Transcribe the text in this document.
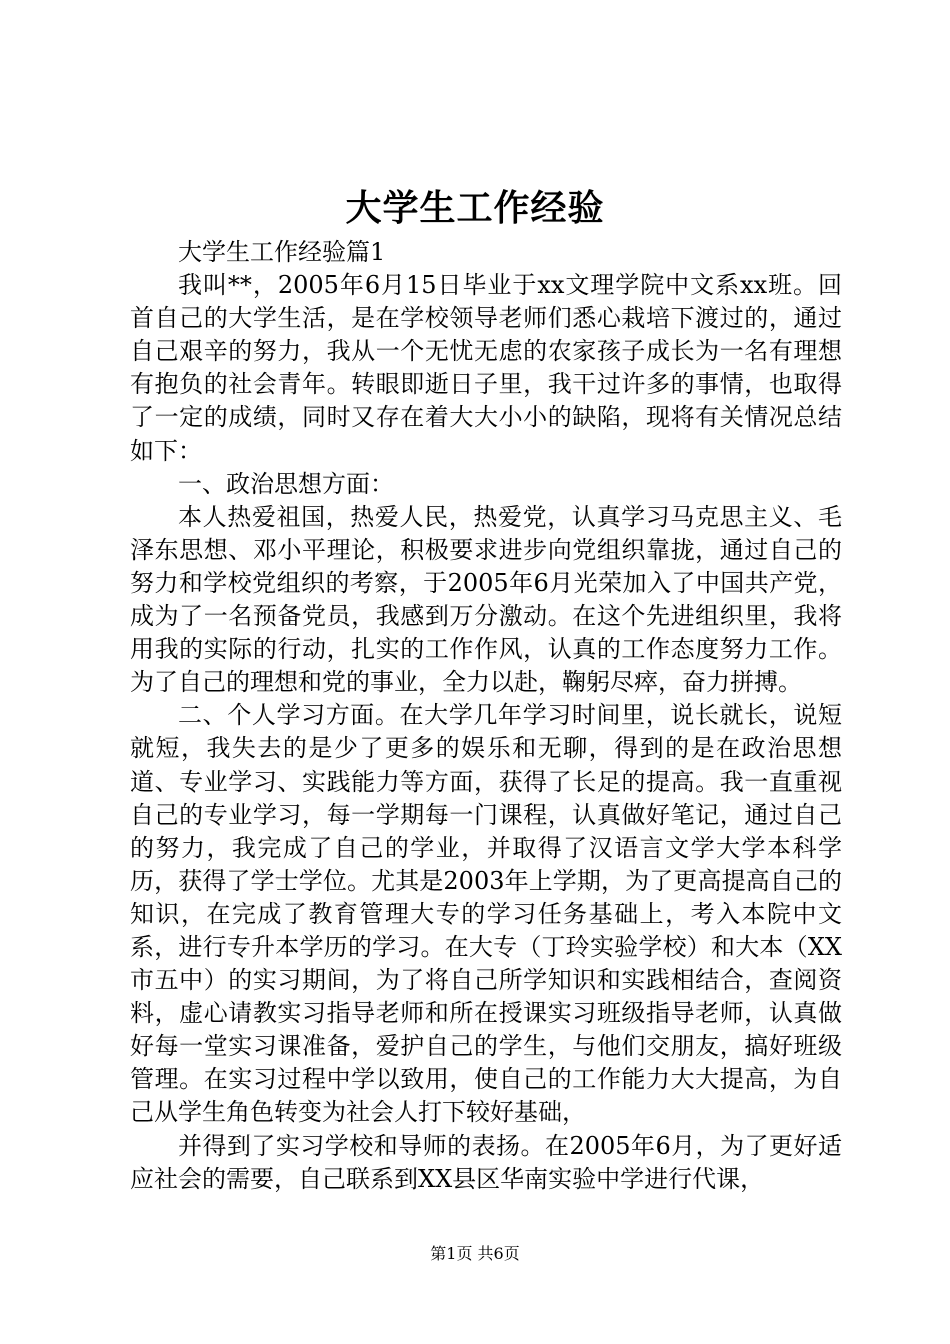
大学生工作经验

大学生工作经验篇1

我叫**，2005年6月15日毕业于xx文理学院中文系xx班。回首自己的大学生活，是在学校领导老师们悉心栽培下渡过的，通过自己艰辛的努力，我从一个无忧无虑的农家孩子成长为一名有理想有抱负的社会青年。转眼即逝日子里，我干过许多的事情，也取得了一定的成绩，同时又存在着大大小小的缺陷，现将有关情况总结如下：

一、政治思想方面：

本人热爱祖国，热爱人民，热爱党，认真学习马克思主义、毛泽东思想、邓小平理论，积极要求进步向党组织靠拢，通过自己的努力和学校党组织的考察，于2005年6月光荣加入了中国共产党，成为了一名预备党员，我感到万分激动。在这个先进组织里，我将用我的实际的行动，扎实的工作作风，认真的工作态度努力工作。为了自己的理想和党的事业，全力以赴，鞠躬尽瘁，奋力拼搏。

二、个人学习方面。在大学几年学习时间里，说长就长，说短就短，我失去的是少了更多的娱乐和无聊，得到的是在政治思想道、专业学习、实践能力等方面，获得了长足的提高。我一直重视自己的专业学习，每一学期每一门课程，认真做好笔记，通过自己的努力，我完成了自己的学业，并取得了汉语言文学大学本科学历，获得了学士学位。尤其是2003年上学期，为了更高提高自己的知识，在完成了教育管理大专的学习任务基础上，考入本院中文系，进行专升本学历的学习。在大专（丁玲实验学校）和大本（XX市五中）的实习期间，为了将自己所学知识和实践相结合，查阅资料，虚心请教实习指导老师和所在授课实习班级指导老师，认真做好每一堂实习课准备，爱护自己的学生，与他们交朋友，搞好班级管理。在实习过程中学以致用，使自己的工作能力大大提高，为自己从学生角色转变为社会人打下较好基础，

并得到了实习学校和导师的表扬。在2005年6月，为了更好适应社会的需要，自己联系到XX县区华南实验中学进行代课，

第1页 共6页
